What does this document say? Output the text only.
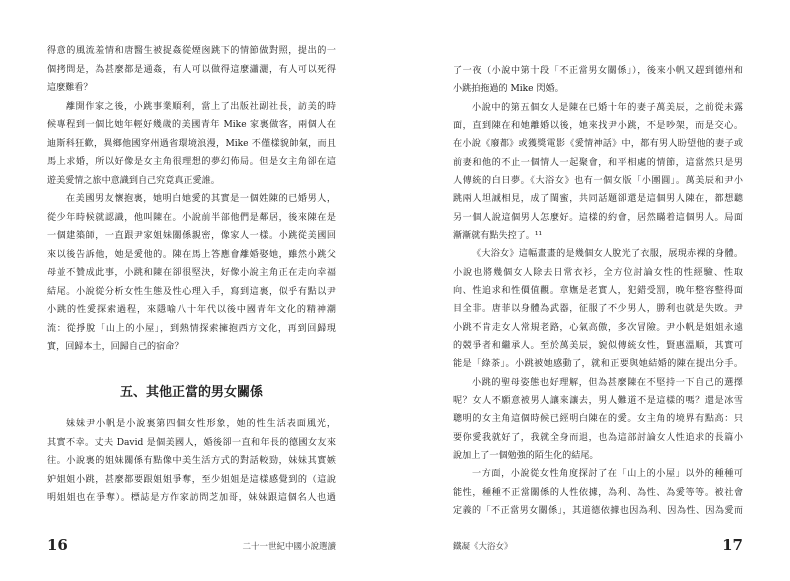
五、其他正當的男女關係
16	二十一世紀中國小說選讀
得意的風流羞情和唐醫生被捉姦從煙囪跳下的情節做對照，提出的一
個拷問是，為甚麼都是通姦，有人可以做得這麼瀟灑，有人可以死得
這麼難看？
離開作家之後，小跳事業順利，當上了出版社副社長，訪美的時
候專程到一個比她年輕好幾歲的美國青年 Mike 家裏做客，兩個人在
迪斯科狂歡，異鄉他國穿州過省環境浪漫，Mike 不僅樣貌帥氣，而且
馬上求婚，所以好像是女主角很理想的夢幻佈局。但是女主角卻在這
遊美愛情之旅中意識到自己究竟真正愛誰。
在美國男友懷抱裏，她明白她愛的其實是一個姓陳的已婚男人，
從少年時候就認識，他叫陳在。小說前半部他們是鄰居，後來陳在是
一個建築師，一直跟尹家姐妹關係親密，像家人一樣。小跳從美國回
來以後告訴他，她是愛他的。陳在馬上答應會離婚娶她，雖然小跳父
母並不贊成此事，小跳和陳在卻很堅決，好像小說主角正在走向幸福
結尾。小說從分析女性生態及性心理入手，寫到這裏，似乎有點以尹
小跳的性愛探索過程，來隱喻八十年代以後中國青年文化的精神潮
流：從掙脫「山上的小屋」，到熱情探索擁抱西方文化，再到回歸現
實，回歸本土，回歸自己的宿命？
妹妹尹小帆是小說裏第四個女性形象，她的性生活表面風光，
其實不幸。丈夫 David 是個美國人，婚後卻一直和年長的德國女友來
往。小說裏的姐妹關係有點像中美生活方式的對話較勁，妹妹其實嫉
妒姐姐小跳，甚麼都要跟姐姐爭奪，至少姐姐是這樣感覺到的（這說
明姐姐也在爭奪）。標誌是方作家訪問芝加哥，妹妹跟這個名人也過
鐵凝《大浴女》	17
了一夜（小說中第十段「不正當男女關係」），後來小帆又趕到德州和
小跳拍拖過的 Mike 閃婚。
小說中的第五個女人是陳在已婚十年的妻子萬美辰，之前從未露
面，直到陳在和她離婚以後，她來找尹小跳，不是吵架，而是交心。
在小說《廢都》或獲獎電影《愛情神話》中，都有男人盼望他的妻子或
前妻和他的不止一個情人一起聚會，和平相處的情節，這當然只是男
人傳統的白日夢。《大浴女》也有一個女版「小團圓」。萬美辰和尹小
跳兩人坦誠相見，成了閨蜜，共同話題卻還是這個男人陳在，都想聽
另一個人說這個男人怎麼好。這樣的約會，居然瞞着這個男人。局面
漸漸就有點失控了。¹¹
《大浴女》這幅畫畫的是幾個女人脫光了衣服，展現赤裸的身體。
小說也將幾個女人除去日常衣衫，全方位討論女性的性經驗、性取
向、性追求和性價值觀。章嫵是老實人，犯錯受罰，晚年整容整得面
目全非。唐菲以身體為武器，征服了不少男人，勝利也就是失敗。尹
小跳不肯走女人常規老路，心氣高傲，多次冒險。尹小帆是姐姐永遠
的競爭者和繼承人。至於萬美辰，貌似傳統女性，賢惠溫順，其實可
能是「綠茶」。小跳被她感動了，就和正要與她結婚的陳在提出分手。
小跳的聖母姿態也好理解，但為甚麼陳在不堅持一下自己的選擇
呢？女人不願意被男人讓來讓去，男人難道不是這樣的嗎？還是冰雪
聰明的女主角這個時候已經明白陳在的愛。女主角的境界有點高：只
要你愛我就好了，我就全身而退，也為這部討論女人性追求的長篇小
說加上了一個勉強的陌生化的結尾。
一方面，小說從女性角度探討了在「山上的小屋」以外的種種可
能性，種種不正當關係的人性依據，為利、為性、為愛等等。被社會
定義的「不正當男女關係」，其道德依據也因為利、因為性、因為愛而
